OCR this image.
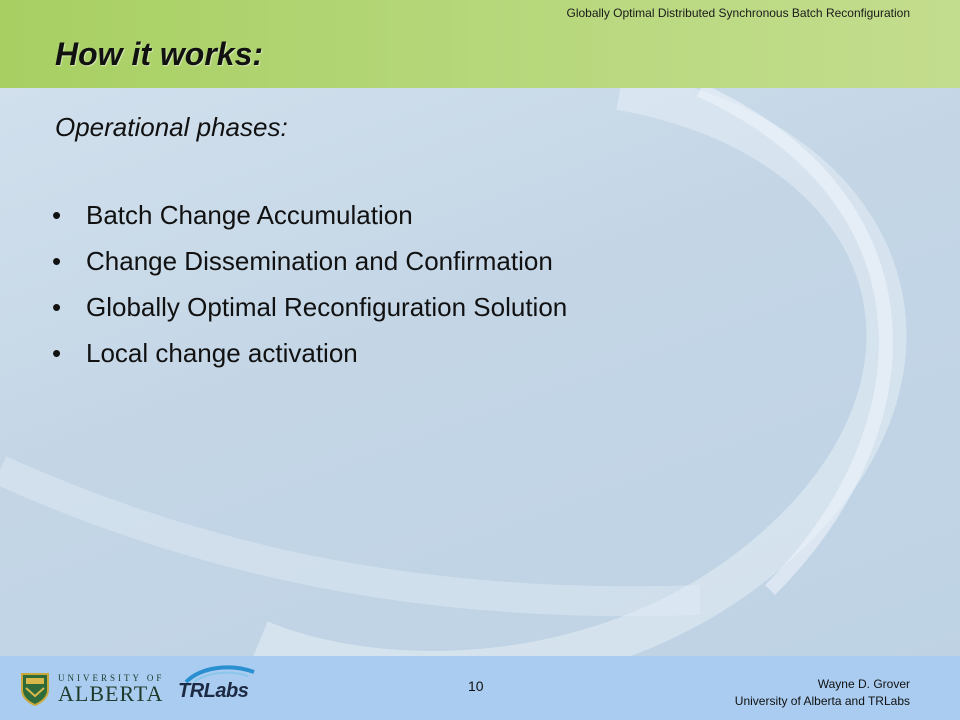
Globally Optimal Distributed Synchronous Batch Reconfiguration
How it works:
Operational phases:
• Batch Change Accumulation
• Change Dissemination and Confirmation
• Globally Optimal Reconfiguration Solution
• Local change activation
UNIVERSITY OF
ALBERTA TRLabs	10	Wayne D. Grover
University of Alberta and TRLabs
